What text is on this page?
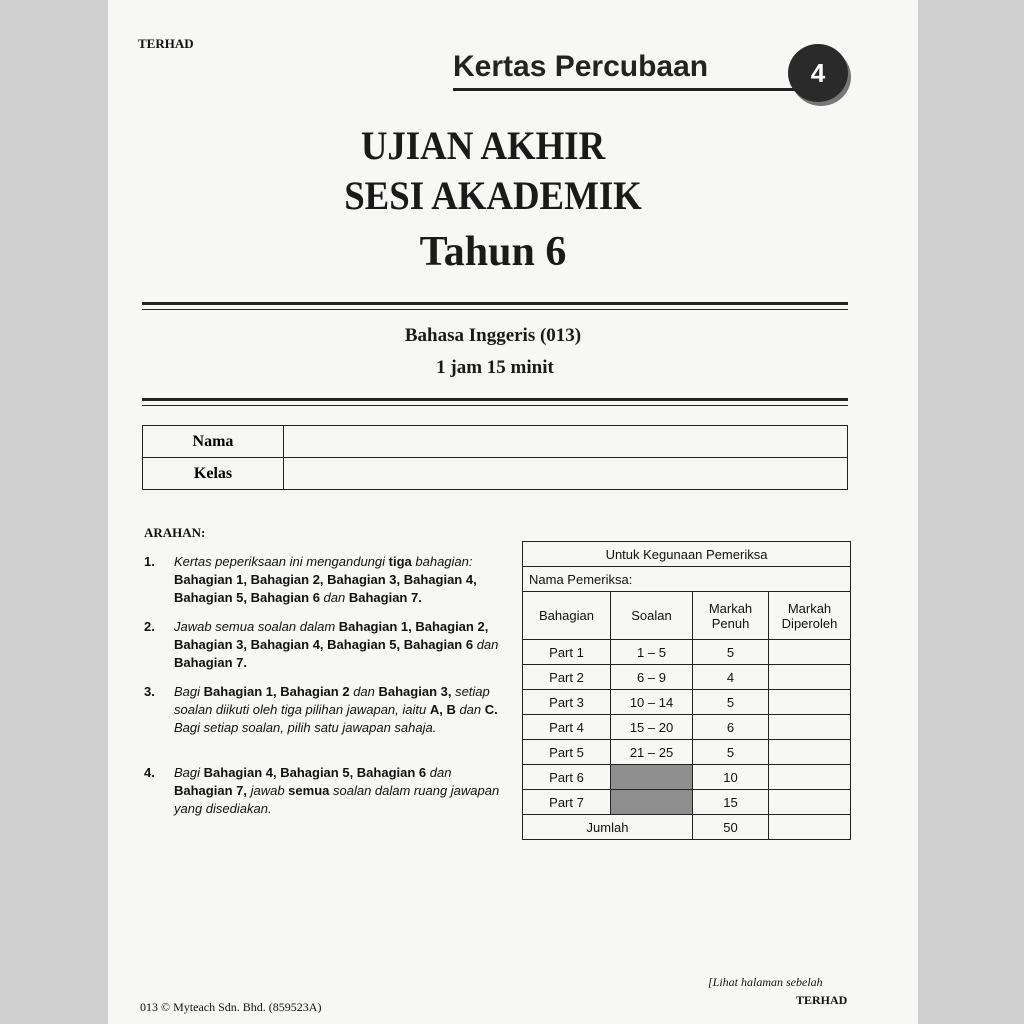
TERHAD
Kertas Percubaan	4
UJIAN AKHIR
SESI AKADEMIK
Tahun 6
Bahasa Inggeris (013)
1 jam 15 minit
Nama	
Kelas	
ARAHAN:
1. Kertas peperiksaan ini mengandungi tiga bahagian: Bahagian 1, Bahagian 2, Bahagian 3, Bahagian 4, Bahagian 5, Bahagian 6 dan Bahagian 7.
2. Jawab semua soalan dalam Bahagian 1, Bahagian 2, Bahagian 3, Bahagian 4, Bahagian 5, Bahagian 6 dan Bahagian 7.
3. Bagi Bahagian 1, Bahagian 2 dan Bahagian 3, setiap soalan diikuti oleh tiga pilihan jawapan, iaitu A, B dan C. Bagi setiap soalan, pilih satu jawapan sahaja.
4. Bagi Bahagian 4, Bahagian 5, Bahagian 6 dan Bahagian 7, jawab semua soalan dalam ruang jawapan yang disediakan.
Untuk Kegunaan Pemeriksa			
Nama Pemeriksa:			
Bahagian	Soalan	Markah Penuh	Markah Diperoleh
Part 1	1 – 5	5	
Part 2	6 – 9	4	
Part 3	10 – 14	5	
Part 4	15 – 20	6	
Part 5	21 – 25	5	
Part 6		10	
Part 7		15	
Jumlah		50	
013 © Myteach Sdn. Bhd. (859523A)
[Lihat halaman sebelah
TERHAD
